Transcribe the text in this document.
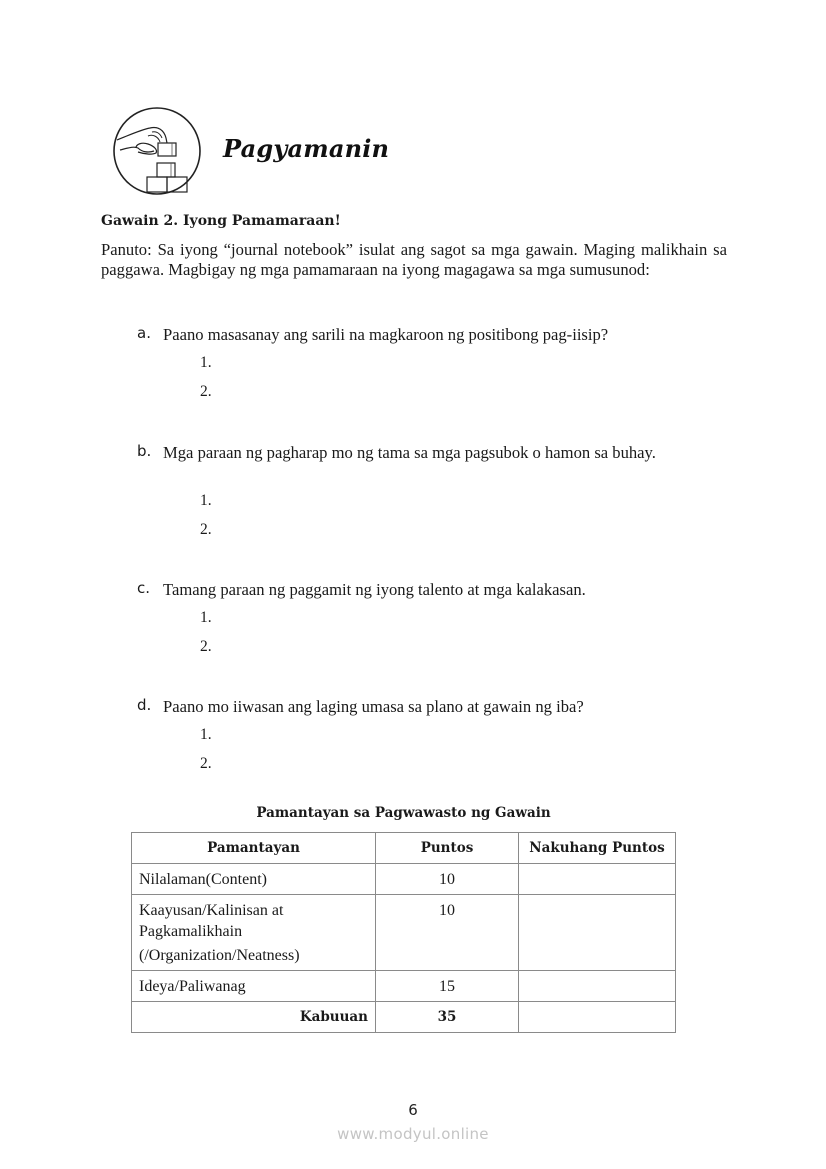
Pagyamanin
Gawain 2. Iyong Pamamaraan!
Panuto: Sa iyong “journal notebook” isulat ang sagot sa mga gawain. Maging malikhain sa paggawa. Magbigay ng mga pamamaraan na iyong magagawa sa mga sumusunod:
a. Paano masasanay ang sarili na magkaroon ng positibong pag-iisip?
1.
2.
b. Mga paraan ng pagharap mo ng tama sa mga pagsubok o hamon sa buhay.
1.
2.
c. Tamang paraan ng paggamit ng iyong talento at mga kalakasan.
1.
2.
d. Paano mo iiwasan ang laging umasa sa plano at gawain ng iba?
1.
2.
Pamantayan sa Pagwawasto ng Gawain
Pamantayan	Puntos	Nakuhang Puntos
Nilalaman(Content)	10	

Kaayusan/Kalinisan at
Pagkamalikhain
(/Organization/Neatness)	10	
Ideya/Paliwanag	15	
Kabuuan	35	
6
www.modyul.online
